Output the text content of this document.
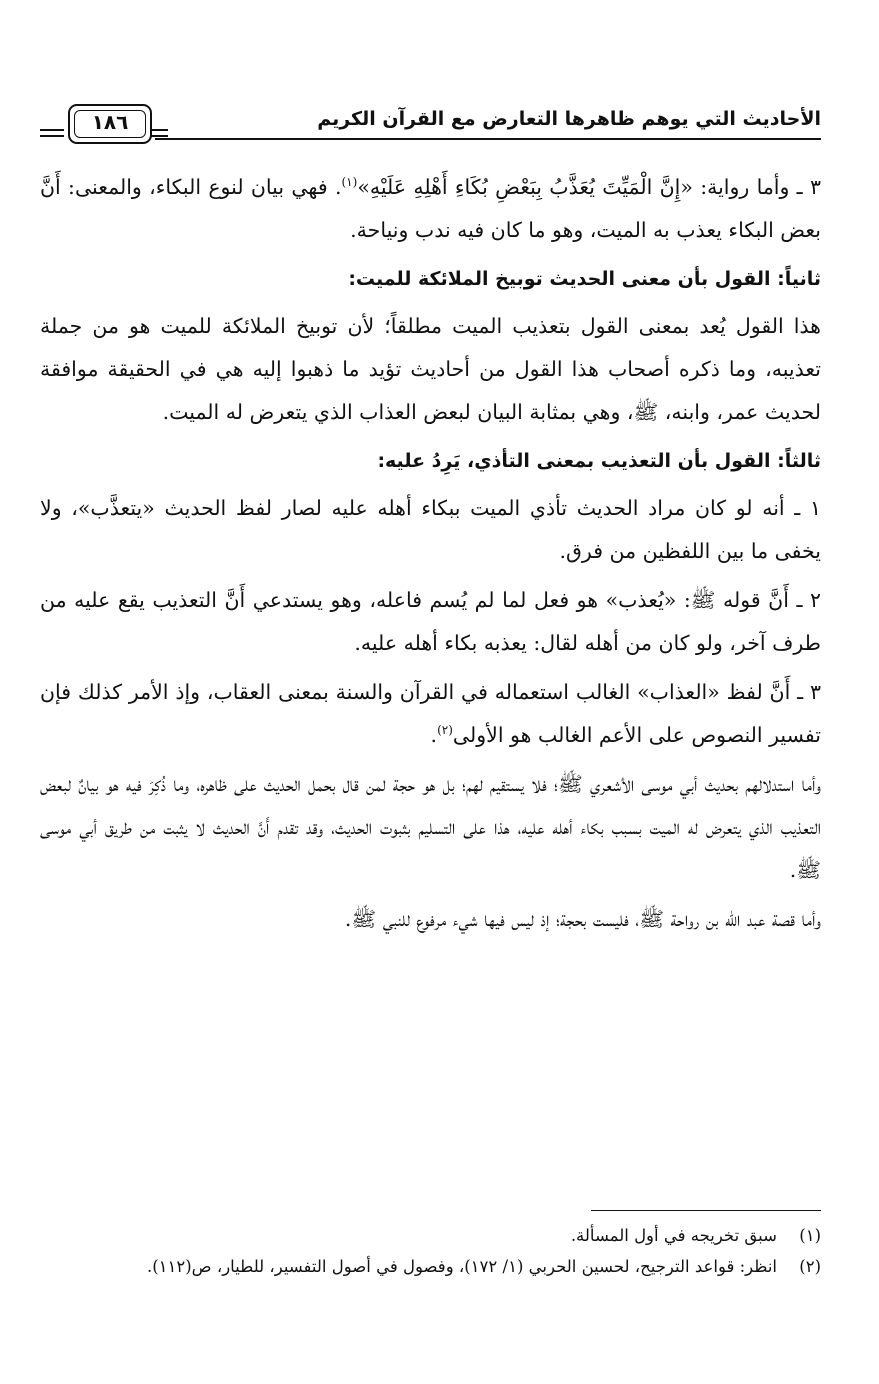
الأحاديث التي يوهم ظاهرها التعارض مع القرآن الكريم
١٨٦

٣ ـ وأما رواية: «إِنَّ الْمَيِّتَ يُعَذَّبُ بِبَعْضِ بُكَاءِ أَهْلِهِ عَلَيْهِ»$^{(١)}$. فهي بيان لنوع البكاء، والمعنى: أَنَّ بعض البكاء يعذب به الميت، وهو ما كان فيه ندب ونياحة.

ثانياً: القول بأن معنى الحديث توبيخ الملائكة للميت:

هذا القول يُعد بمعنى القول بتعذيب الميت مطلقاً؛ لأن توبيخ الملائكة للميت هو من جملة تعذيبه، وما ذكره أصحاب هذا القول من أحاديث تؤيد ما ذهبوا إليه هي في الحقيقة موافقة لحديث عمر، وابنه، ﷺ، وهي بمثابة البيان لبعض العذاب الذي يتعرض له الميت.

ثالثاً: القول بأن التعذيب بمعنى التأذي، يَرِدُ عليه:

١ ـ أنه لو كان مراد الحديث تأذي الميت ببكاء أهله عليه لصار لفظ الحديث «يتعذَّب»، ولا يخفى ما بين اللفظين من فرق.

٢ ـ أَنَّ قوله ﷺ: «يُعذب» هو فعل لما لم يُسم فاعله، وهو يستدعي أَنَّ التعذيب يقع عليه من طرف آخر، ولو كان من أهله لقال: يعذبه بكاء أهله عليه.

٣ ـ أَنَّ لفظ «العذاب» الغالب استعماله في القرآن والسنة بمعنى العقاب، وإذ الأمر كذلك فإن تفسير النصوص على الأعم الغالب هو الأولى$^{(٢)}$.

وأما استدلالهم بحديث أبي موسى الأشعري ﷺ؛ فلا يستقيم لهم؛ بل هو حجة لمن قال بحمل الحديث على ظاهره، وما ذُكِرَ فيه هو بيانٌ لبعض التعذيب الذي يتعرض له الميت بسبب بكاء أهله عليه، هذا على التسليم بثبوت الحديث، وقد تقدم أَنَّ الحديث لا يثبت من طريق أبي موسى ﷺ.

وأما قصة عبد الله بن رواحة ﷺ، فليست بحجة؛ إذ ليس فيها شيء مرفوع للنبي ﷺ.

(١)
سبق تخريجه في أول المسألة.
(٢)
انظر: قواعد الترجيح، لحسين الحربي (١/ ١٧٢)، وفصول في أصول التفسير، للطيار، ص(١١٢).
